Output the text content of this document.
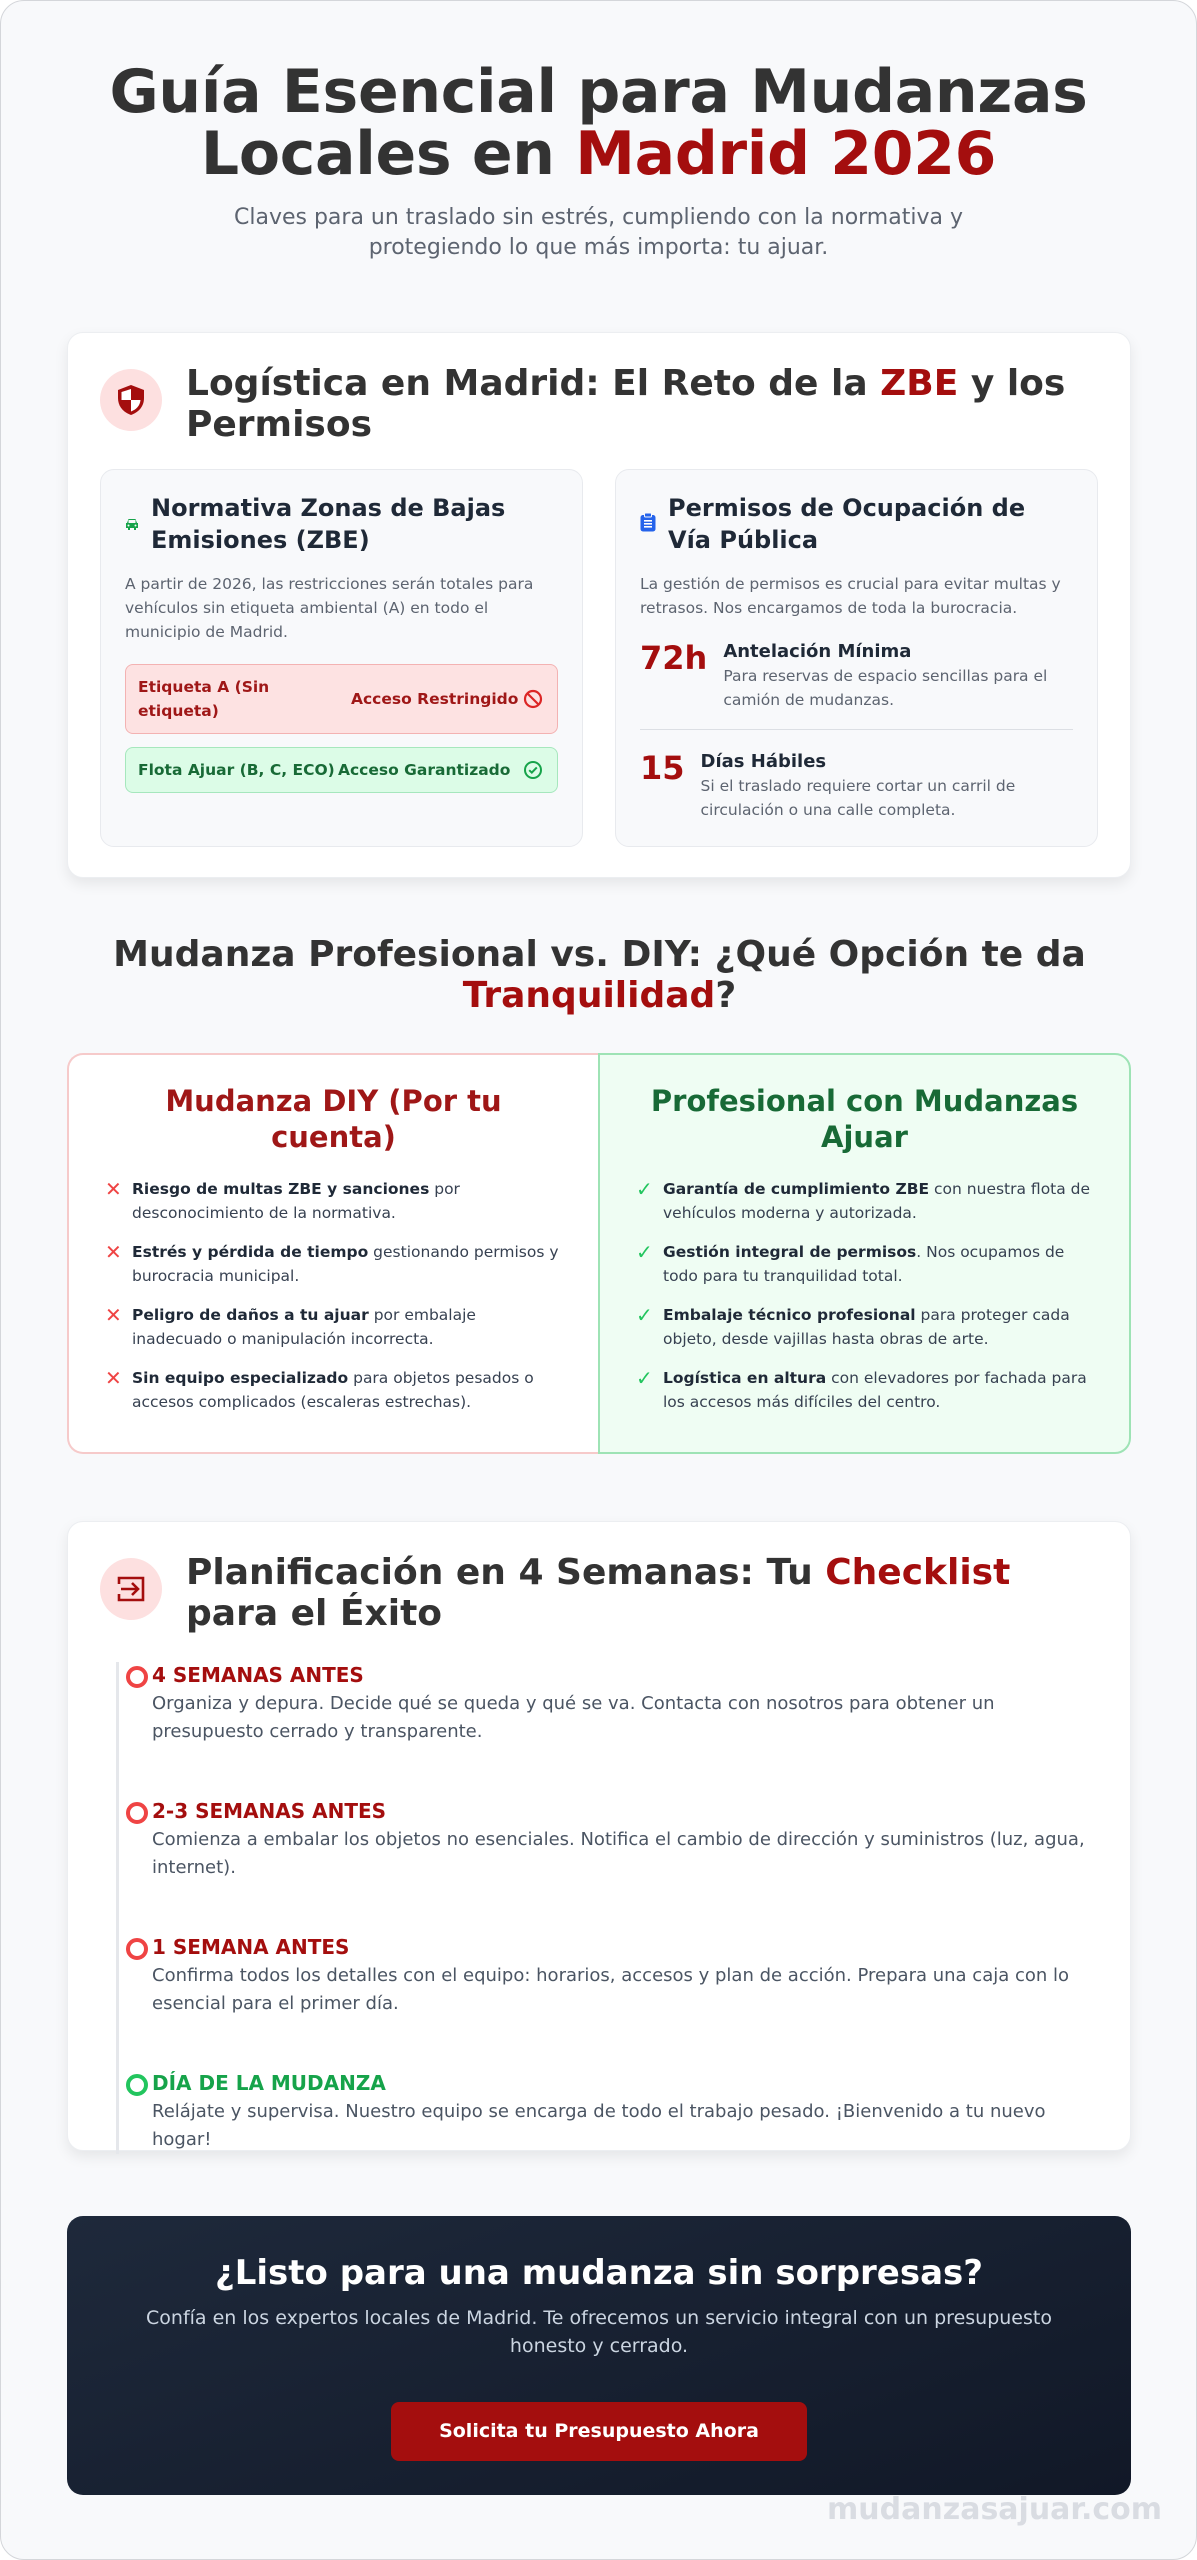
Guía Esencial para Mudanzas
Locales en Madrid 2026

Claves para un traslado sin estrés, cumpliendo con la normativa y protegiendo lo que más importa: tu ajuar.

Logística en Madrid: El Reto de la ZBE y los Permisos
Normativa Zonas de Bajas Emisiones (ZBE)

A partir de 2026, las restricciones serán totales para vehículos sin etiqueta ambiental (A) en todo el municipio de Madrid.

Etiqueta A (Sin etiqueta)
Acceso Restringido
Flota Ajuar (B, C, ECO) Acceso Garantizado
Permisos de Ocupación de Vía Pública

La gestión de permisos es crucial para evitar multas y retrasos. Nos encargamos de toda la burocracia.

72h Antelación Mínima

Para reservas de espacio sencillas para el camión de mudanzas.

15 Días Hábiles

Si el traslado requiere cortar un carril de circulación o una calle completa.

Mudanza Profesional vs. DIY: ¿Qué Opción te da
Tranquilidad?
Mudanza DIY (Por tu cuenta)
✕ Riesgo de multas ZBE y sanciones por desconocimiento de la normativa.
✕ Estrés y pérdida de tiempo gestionando permisos y burocracia municipal.
✕ Peligro de daños a tu ajuar por embalaje inadecuado o manipulación incorrecta.
✕ Sin equipo especializado para objetos pesados o accesos complicados (escaleras estrechas).
Profesional con Mudanzas Ajuar
✓ Garantía de cumplimiento ZBE con nuestra flota de vehículos moderna y autorizada.
✓ Gestión integral de permisos. Nos ocupamos de todo para tu tranquilidad total.
✓ Embalaje técnico profesional para proteger cada objeto, desde vajillas hasta obras de arte.
✓ Logística en altura con elevadores por fachada para los accesos más difíciles del centro.
Planificación en 4 Semanas: Tu Checklist para el Éxito
4 SEMANAS ANTES

Organiza y depura. Decide qué se queda y qué se va. Contacta con nosotros para obtener un presupuesto cerrado y transparente.

2-3 SEMANAS ANTES

Comienza a embalar los objetos no esenciales. Notifica el cambio de dirección y suministros (luz, agua, internet).

1 SEMANA ANTES

Confirma todos los detalles con el equipo: horarios, accesos y plan de acción. Prepara una caja con lo esencial para el primer día.

DÍA DE LA MUDANZA

Relájate y supervisa. Nuestro equipo se encarga de todo el trabajo pesado. ¡Bienvenido a tu nuevo hogar!

¿Listo para una mudanza sin sorpresas?

Confía en los expertos locales de Madrid. Te ofrecemos un servicio integral con un presupuesto honesto y cerrado.

Solicita tu Presupuesto Ahora
mudanzasajuar.com
